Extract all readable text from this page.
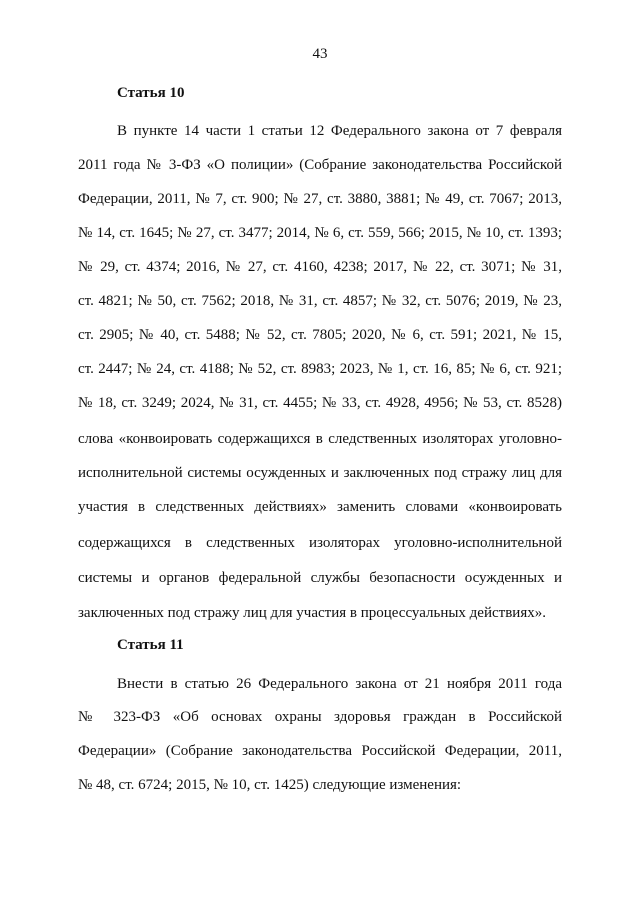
43
Статья 10
В пункте 14 части 1 статьи 12 Федерального закона от 7 февраля
2011 года № 3-ФЗ «О полиции» (Собрание законодательства Российской
Федерации, 2011, № 7, ст. 900; № 27, ст. 3880, 3881; № 49, ст. 7067; 2013,
№ 14, ст. 1645; № 27, ст. 3477; 2014, № 6, ст. 559, 566; 2015, № 10, ст. 1393;
№ 29, ст. 4374; 2016, № 27, ст. 4160, 4238; 2017, № 22, ст. 3071; № 31,
ст. 4821; № 50, ст. 7562; 2018, № 31, ст. 4857; № 32, ст. 5076; 2019, № 23,
ст. 2905; № 40, ст. 5488; № 52, ст. 7805; 2020, № 6, ст. 591; 2021, № 15,
ст. 2447; № 24, ст. 4188; № 52, ст. 8983; 2023, № 1, ст. 16, 85; № 6, ст. 921;
№ 18, ст. 3249; 2024, № 31, ст. 4455; № 33, ст. 4928, 4956; № 53, ст. 8528)
слова «конвоировать содержащихся в следственных изоляторах уголовно-
исполнительной системы осужденных и заключенных под стражу лиц для
участия в следственных действиях» заменить словами «конвоировать
содержащихся в следственных изоляторах уголовно-исполнительной
системы и органов федеральной службы безопасности осужденных и
заключенных под стражу лиц для участия в процессуальных действиях».
Статья 11
Внести в статью 26 Федерального закона от 21 ноября 2011 года
№ 323-ФЗ «Об основах охраны здоровья граждан в Российской
Федерации» (Собрание законодательства Российской Федерации, 2011,
№ 48, ст. 6724; 2015, № 10, ст. 1425) следующие изменения:
